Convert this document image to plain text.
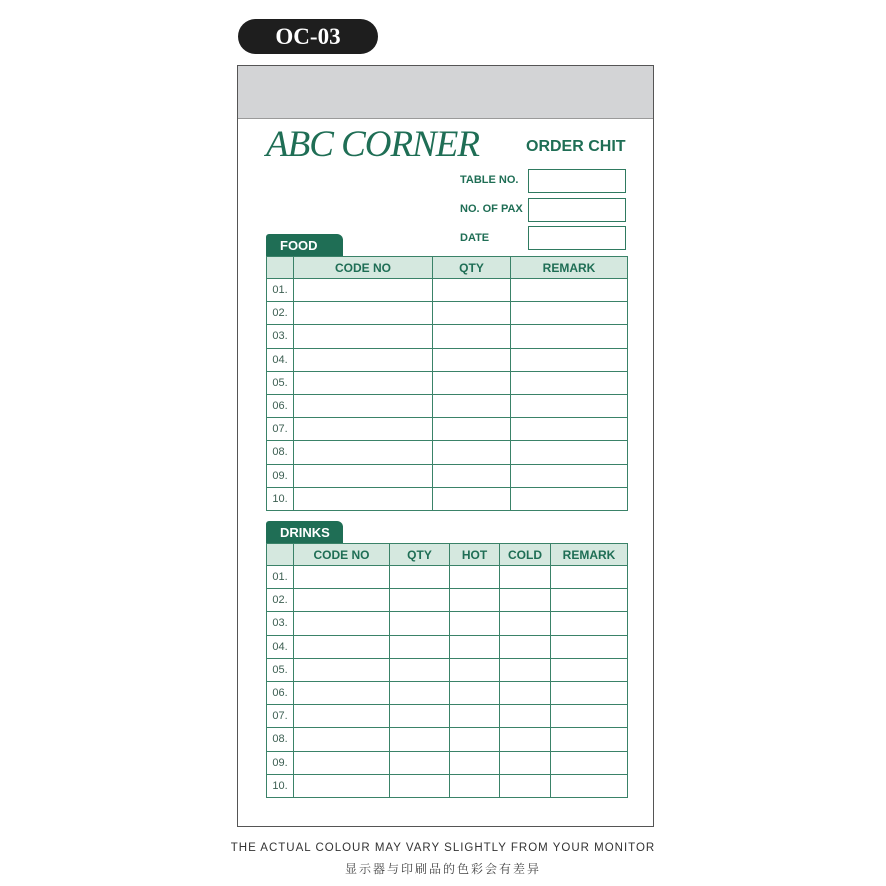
OC-03
ABC CORNER	ORDER CHIT
TABLE NO.
NO. OF PAX
DATE
FOOD
	CODE NO	QTY	REMARK
01.			
02.			
03.			
04.			
05.			
06.			
07.			
08.			
09.			
10.			
DRINKS
	CODE NO	QTY	HOT	COLD	REMARK
01.					
02.					
03.					
04.					
05.					
06.					
07.					
08.					
09.					
10.					
THE ACTUAL COLOUR MAY VARY SLIGHTLY FROM YOUR MONITOR
显示器与印刷品的色彩会有差异
